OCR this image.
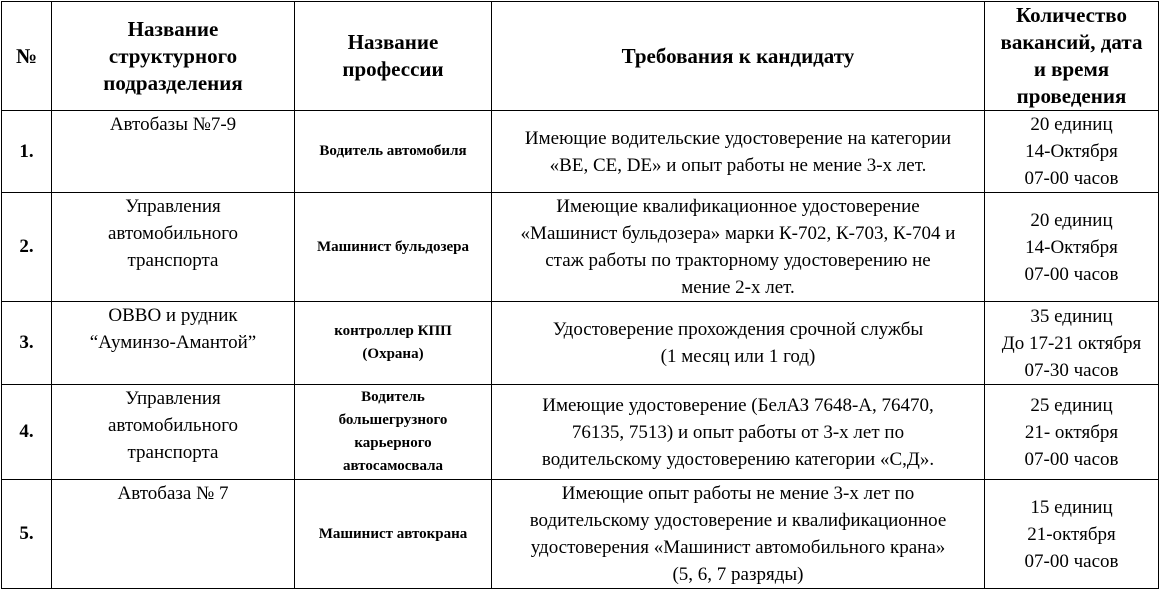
№	Название
структурного
подразделения	Название
профессии	Требования к кандидату	Количество
вакансий, дата
и время
проведения

1.	Автобазы №7-9	Водитель автомобиля	Имеющие водительские удостоверение на категории
«BE, CE, DE» и опыт работы не мение 3-х лет.	20 единиц
14-Октября
07-00 часов

2.	Управления
автомобильного
транспорта	Машинист бульдозера	Имеющие квалификационное удостоверение
«Машинист бульдозера» марки К-702, К-703, К-704 и
стаж работы по тракторному удостоверению не
мение 2-х лет.	20 единиц
14-Октября
07-00 часов

3.	ОВВО и рудник
“Ауминзо-Амантой”	контроллер КПП
(Охрана)	Удостоверение прохождения срочной службы
(1 месяц или 1 год)	35 единиц
До 17-21 октября
07-30 часов

4.	Управления
автомобильного
транспорта	Водитель
большегрузного
карьерного
автосамосвала	Имеющие удостоверение (БелАЗ 7648-А, 76470,
76135, 7513) и опыт работы от 3-х лет по
водительскому удостоверению категории «С,Д».	25 единиц
21- октября
07-00 часов

5.	Автобаза № 7	Машинист автокрана	Имеющие опыт работы не мение 3-х лет по
водительскому удостоверение и квалификационное
удостоверения «Машинист автомобильного крана»
(5, 6, 7 разряды)	15 единиц
21-октября
07-00 часов
